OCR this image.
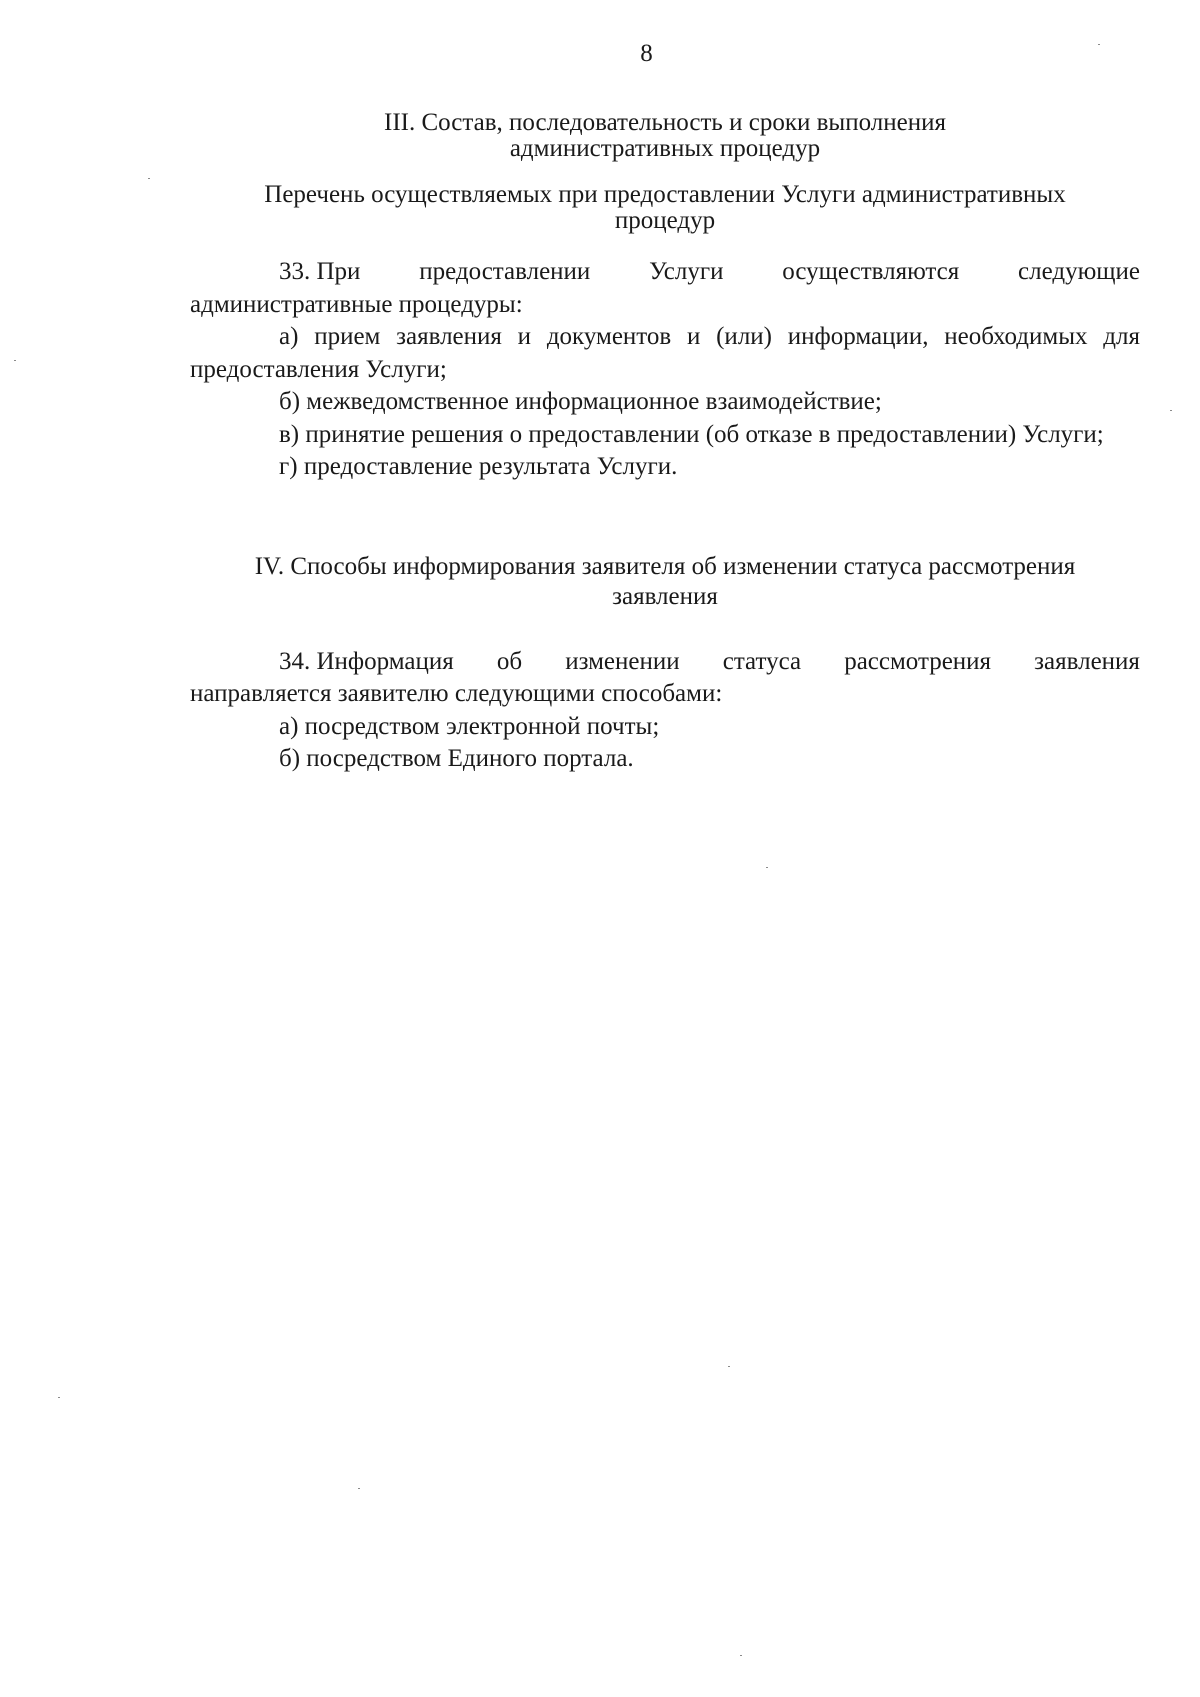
8
III. Состав, последовательность и сроки выполнения
административных процедур
Перечень осуществляемых при предоставлении Услуги административных
процедур
33. При предоставлении Услуги осуществляются следующие

административные процедуры:

а) прием заявления и документов и (или) информации, необходимых для предоставления Услуги;

б) межведомственное информационное взаимодействие;

в) принятие решения о предоставлении (об отказе в предоставлении) Услуги;

г) предоставление результата Услуги.

IV. Способы информирования заявителя об изменении статуса рассмотрения
заявления
34. Информация об изменении статуса рассмотрения заявления

направляется заявителю следующими способами:

а) посредством электронной почты;

б) посредством Единого портала.
